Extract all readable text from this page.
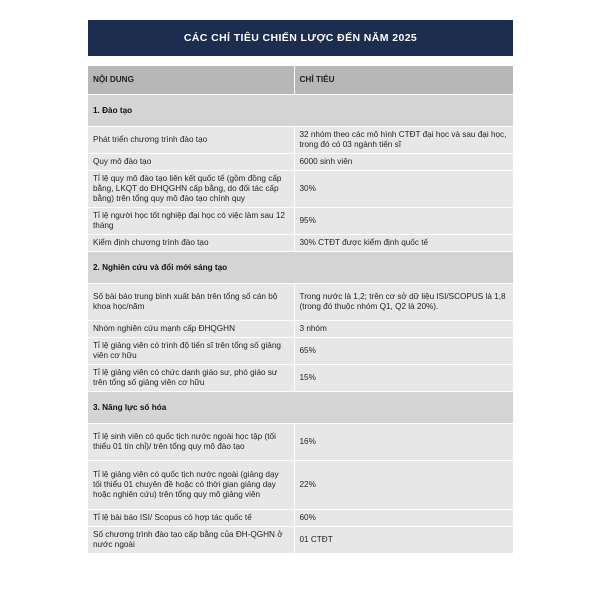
CÁC CHỈ TIÊU CHIẾN LƯỢC ĐẾN NĂM 2025
NỘI DUNG	CHỈ TIÊU
1. Đào tạo	
Phát triển chương trình đào tạo	32 nhóm theo các mô hình CTĐT đại học và sau đại học, trong đó có 03 ngành tiến sĩ
Quy mô đào tạo	6000 sinh viên
Tỉ lệ quy mô đào tạo liên kết quốc tế (gồm đồng cấp bằng, LKQT do ĐHQGHN cấp bằng, do đối tác cấp bằng) trên tổng quy mô đào tạo chính quy	30%
Tỉ lệ người học tốt nghiệp đại học có việc làm sau 12 tháng	95%
Kiểm định chương trình đào tạo	30% CTĐT được kiểm định quốc tế
2. Nghiên cứu và đổi mới sáng tạo	
Số bài báo trung bình xuất bản trên tổng số cán bộ khoa học/năm	Trong nước là 1,2; trên cơ sở dữ liệu ISI/SCOPUS là 1,8 (trong đó thuộc nhóm Q1, Q2 là 20%).
Nhóm nghiên cứu mạnh cấp ĐHQGHN	3 nhóm
Tỉ lệ giảng viên có trình độ tiến sĩ trên tổng số giảng viên cơ hữu	65%
Tỉ lệ giảng viên có chức danh giáo sư, phó giáo sư trên tổng số giảng viên cơ hữu	15%
3. Năng lực số hóa	
Tỉ lệ sinh viên có quốc tịch nước ngoài học tập (tối thiểu 01 tín chỉ)/ trên tổng quy mô đào tạo	16%
Tỉ lệ giảng viên có quốc tịch nước ngoài (giảng dạy tối thiểu 01 chuyên đề hoặc có thời gian giảng dạy hoặc nghiên cứu) trên tổng quy mô giảng viên	22%
Tỉ lệ bài báo ISI/ Scopus có hợp tác quốc tế	60%
Số chương trình đào tạo cấp bằng của ĐH-QGHN ở nước ngoài	01 CTĐT
